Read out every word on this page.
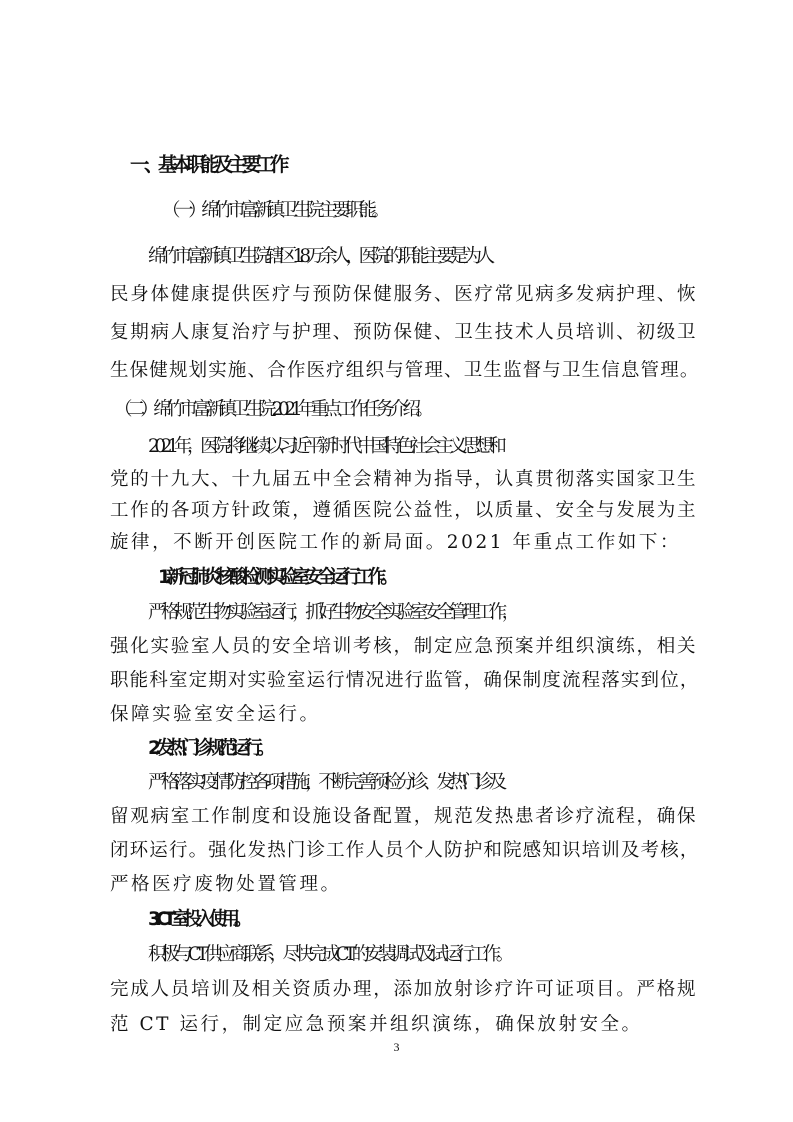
一、基本职能及主要工作
（一）绵竹市富新镇卫生院主要职能。
绵竹市富新镇卫生院辖区 1.8 万余人，医院的职能主要是为人
民身体健康提供医疗与预防保健服务、医疗常见病多发病护理、恢
复期病人康复治疗与护理、预防保健、卫生技术人员培训、初级卫
生保健规划实施、合作医疗组织与管理、卫生监督与卫生信息管理。
（二）绵竹市富新镇卫生院 2021 年重点工作任务介绍。
2021 年，医院将继续以习近平新时代中国特色社会主义思想和
党的十九大、十九届五中全会精神为指导，认真贯彻落实国家卫生
工作的各项方针政策，遵循医院公益性，以质量、安全与发展为主
旋律，不断开创医院工作的新局面。2021 年重点工作如下：
1.新冠肺炎核酸检测实验室安全运行工作。
严格规范生物实验室运行，抓好生物安全实验室安全管理工作，
强化实验室人员的安全培训考核，制定应急预案并组织演练，相关
职能科室定期对实验室运行情况进行监管，确保制度流程落实到位，
保障实验室安全运行。
2.发热门诊规范运行。
严格落实疫情防控各项措施，不断完善预检分诊、发热门诊及
留观病室工作制度和设施设备配置，规范发热患者诊疗流程，确保
闭环运行。强化发热门诊工作人员个人防护和院感知识培训及考核，
严格医疗废物处置管理。
3.CT 室投入使用。
积极与 CT 供应商联系，尽快完成 CT 的安装调试及试运行工作。
完成人员培训及相关资质办理，添加放射诊疗许可证项目。严格规
范 CT 运行，制定应急预案并组织演练，确保放射安全。
3
